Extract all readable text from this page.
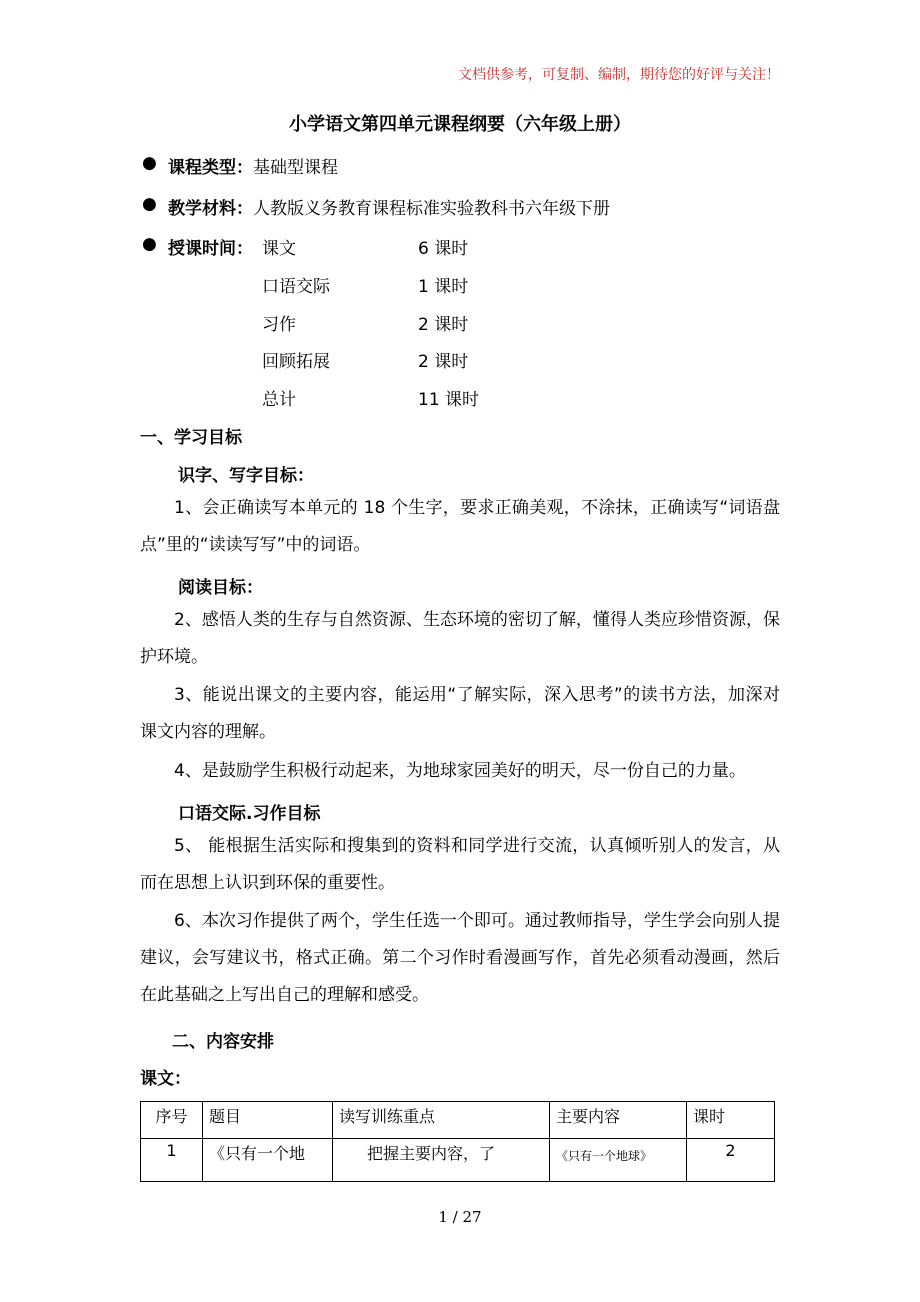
文档供参考，可复制、编制，期待您的好评与关注！
小学语文第四单元课程纲要（六年级上册）
● 课程类型：基础型课程
● 教学材料：人教版义务教育课程标准实验教科书六年级下册
● 授课时间： 课文	6 课时
口语交际	1 课时
习作	2 课时
回顾拓展	2 课时
总计	11 课时
一、学习目标
识字、写字目标：
1、会正确读写本单元的 18 个生字，要求正确美观，不涂抹，正确读写“词语盘点”里的“读读写写”中的词语。
阅读目标：
2、感悟人类的生存与自然资源、生态环境的密切了解，懂得人类应珍惜资源，保护环境。
3、能说出课文的主要内容，能运用“了解实际，深入思考”的读书方法，加深对课文内容的理解。
4、是鼓励学生积极行动起来，为地球家园美好的明天，尽一份自己的力量。
口语交际.习作目标
5、 能根据生活实际和搜集到的资料和同学进行交流，认真倾听别人的发言，从而在思想上认识到环保的重要性。
6、本次习作提供了两个，学生任选一个即可。通过教师指导，学生学会向别人提建议，会写建议书，格式正确。第二个习作时看漫画写作，首先必须看动漫画，然后在此基础之上写出自己的理解和感受。
二、内容安排
课文：
序号	题目	读写训练重点	主要内容	课时
1	《只有一个地	把握主要内容，了	《只有一个地球》	2
1 / 27
